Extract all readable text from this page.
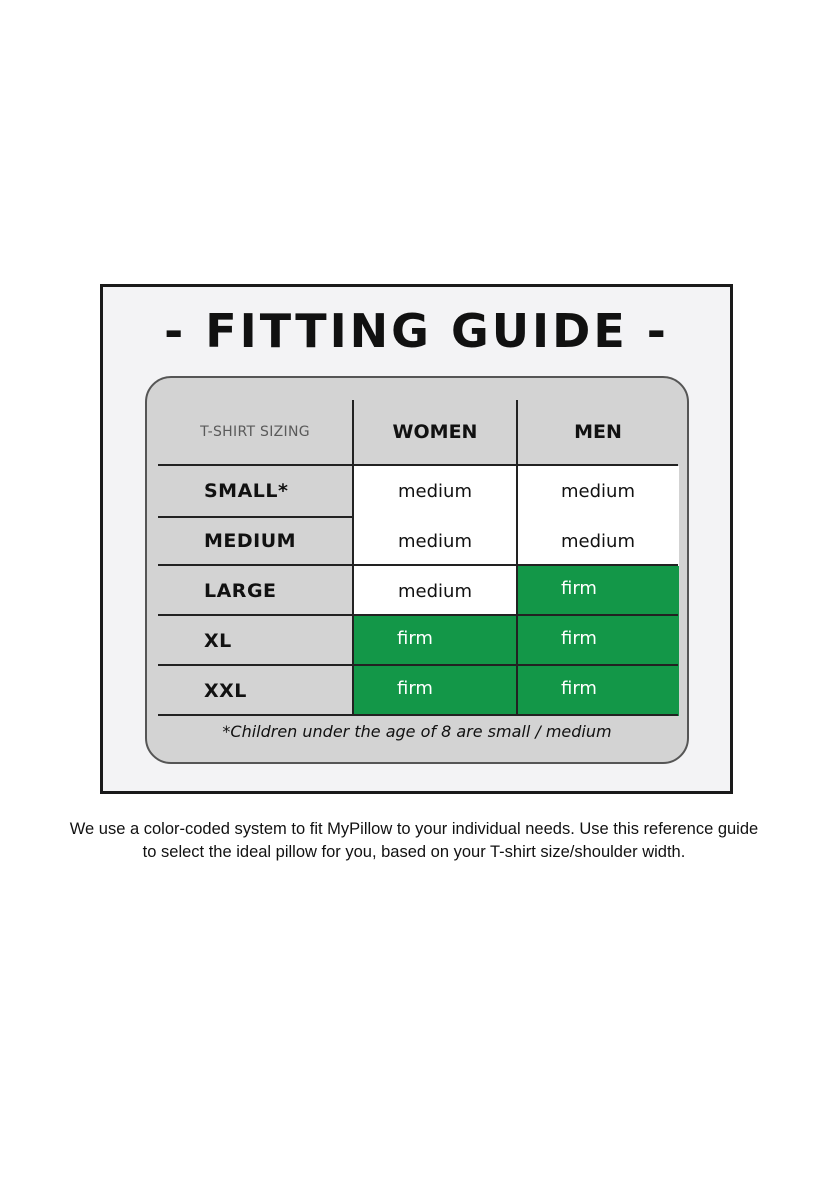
- FITTING GUIDE -
T-SHIRT SIZING	WOMEN	MEN
SMALL*	medium	medium
MEDIUM	medium	medium
LARGE	medium	firm
XL	firm	firm
XXL	firm	firm
*Children under the age of 8 are small / medium
We use a color-coded system to fit MyPillow to your individual needs. Use this reference guide
to select the ideal pillow for you, based on your T-shirt size/shoulder width.
